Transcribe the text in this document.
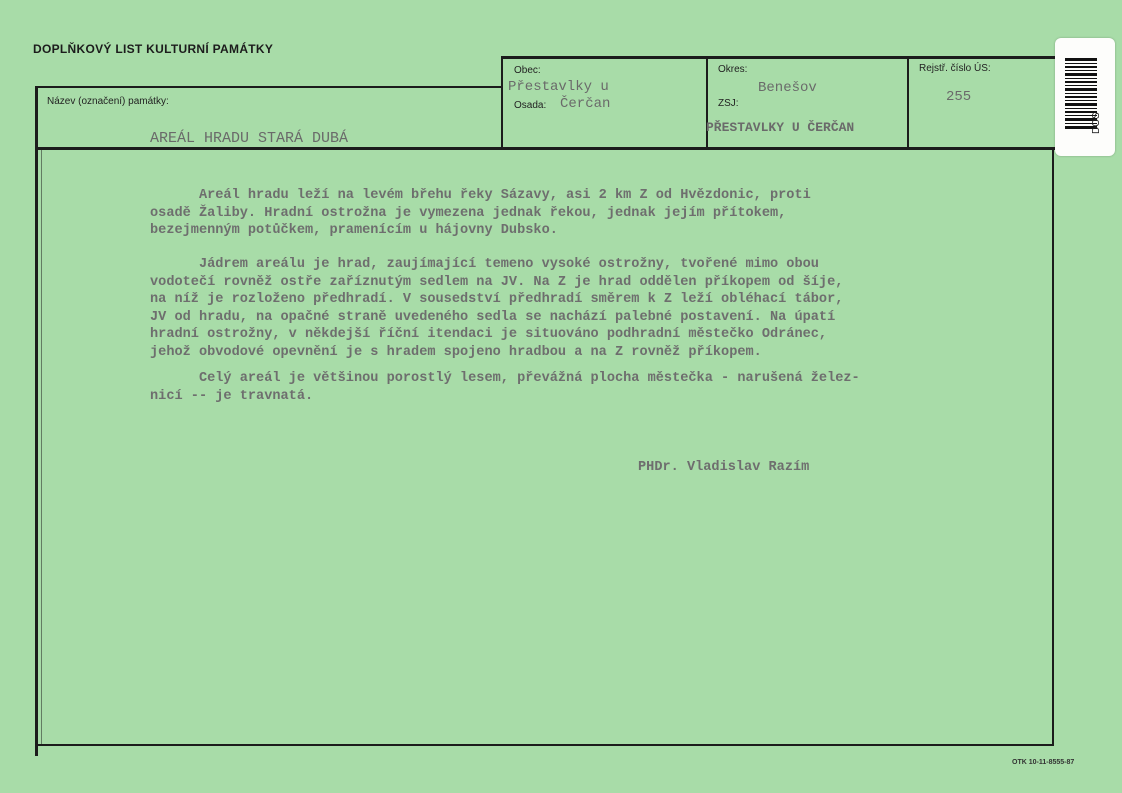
DOPLŇKOVÝ LIST KULTURNÍ PAMÁTKY
Název (označení) památky:
Obec:
Osada:
Okres:
ZSJ:
Rejstř. číslo ÚS:
AREÁL HRADU STARÁ DUBÁ
Přestavlky u
Čerčan
Benešov
PŘESTAVLKY U ČERČAN
255
Areál hradu leží na levém břehu řeky Sázavy, asi 2 km Z od Hvězdonic, proti
osadě Žaliby. Hradní ostrožna je vymezena jednak řekou, jednak jejím přítokem,
bezejmenným potůčkem, pramenícím u hájovny Dubsko.
Jádrem areálu je hrad, zaujímající temeno vysoké ostrožny, tvořené mimo obou
vodotečí rovněž ostře zaříznutým sedlem na JV. Na Z je hrad oddělen příkopem od šíje,
na níž je rozloženo předhradí. V sousedství předhradí směrem k Z leží obléhací tábor,
JV od hradu, na opačné straně uvedeného sedla se nachází palebné postavení. Na úpatí
hradní ostrožny, v někdejší říční itendaci je situováno podhradní městečko Odránec,
jehož obvodové opevnění je s hradem spojeno hradbou a na Z rovněž příkopem.
Celý areál je většinou porostlý lesem, převážná plocha městečka - narušená želez-
nicí -- je travnatá.
PHDr. Vladislav Razím
OTK 10-11-8555-87
DOS
